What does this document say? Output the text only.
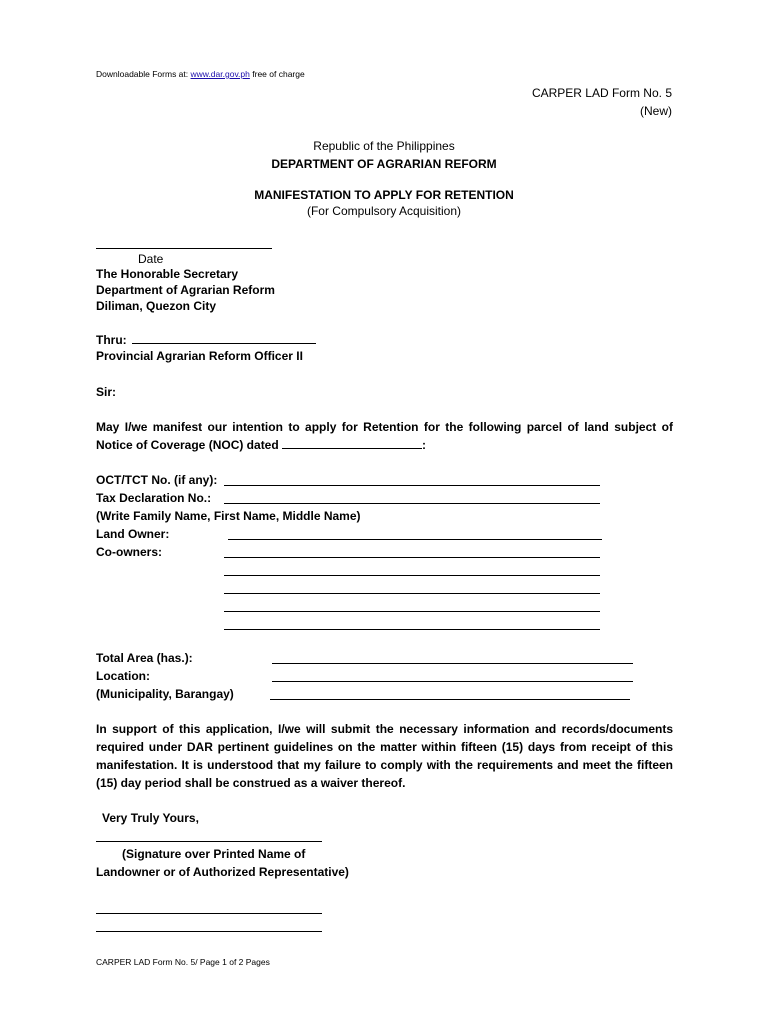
Downloadable Forms at: www.dar.gov.ph free of charge
CARPER LAD Form No. 5
(New)
Republic of the Philippines
DEPARTMENT OF AGRARIAN REFORM
MANIFESTATION TO APPLY FOR RETENTION
(For Compulsory Acquisition)
Date
The Honorable Secretary
Department of Agrarian Reform
Diliman, Quezon City
Thru:
Provincial Agrarian Reform Officer II
Sir:
May I/we manifest our intention to apply for Retention for the following parcel of land subject of Notice of Coverage (NOC) dated	:
OCT/TCT No. (if any):
Tax Declaration No.:
(Write Family Name, First Name, Middle Name)
Land Owner:
Co-owners:
Total Area (has.):
Location:
(Municipality, Barangay)
In support of this application, I/we will submit the necessary information and records/documents required under DAR pertinent guidelines on the matter within fifteen (15) days from receipt of this manifestation. It is understood that my failure to comply with the requirements and meet the fifteen (15) day period shall be construed as a waiver thereof.
Very Truly Yours,
(Signature over Printed Name of
Landowner or of Authorized Representative)
CARPER LAD Form No. 5/ Page 1 of 2 Pages
